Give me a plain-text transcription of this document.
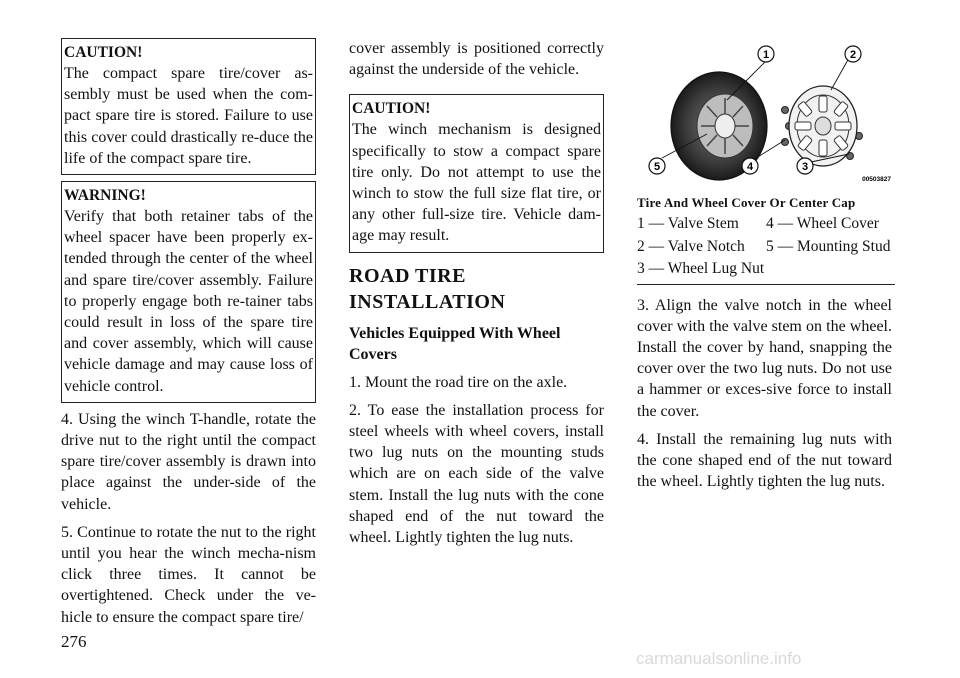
CAUTION!
The compact spare tire/cover as-sembly must be used when the com-pact spare tire is stored. Failure to use this cover could drastically re-duce the life of the compact spare tire.
WARNING!
Verify that both retainer tabs of the wheel spacer have been properly ex-tended through the center of the wheel and spare tire/cover assembly. Failure to properly engage both re-tainer tabs could result in loss of the spare tire and cover assembly, which will cause vehicle damage and may cause loss of vehicle control.

4. Using the winch T-handle, rotate the drive nut to the right until the compact spare tire/cover assembly is drawn into place against the under-side of the vehicle.

5. Continue to rotate the nut to the right until you hear the winch mecha-nism click three times. It cannot be overtightened. Check under the ve-hicle to ensure the compact spare tire/

cover assembly is positioned correctly against the underside of the vehicle.

CAUTION!
The winch mechanism is designed specifically to stow a compact spare tire only. Do not attempt to use the winch to stow the full size flat tire, or any other full-size tire. Vehicle dam-age may result.
ROAD TIRE
INSTALLATION
Vehicles Equipped With Wheel Covers

1. Mount the road tire on the axle.

2. To ease the installation process for steel wheels with wheel covers, install two lug nuts on the mounting studs which are on each side of the valve stem. Install the lug nuts with the cone shaped end of the nut toward the wheel. Lightly tighten the lug nuts.

1	2
3
4
5
00503827
Tire And Wheel Cover Or Center Cap
1 — Valve Stem	4 — Wheel Cover
2 — Valve Notch	5 — Mounting Stud
3 — Wheel Lug Nut	

3. Align the valve notch in the wheel cover with the valve stem on the wheel. Install the cover by hand, snapping the cover over the two lug nuts. Do not use a hammer or exces-sive force to install the cover.

4. Install the remaining lug nuts with the cone shaped end of the nut toward the wheel. Lightly tighten the lug nuts.

276
carmanualsonline.info
